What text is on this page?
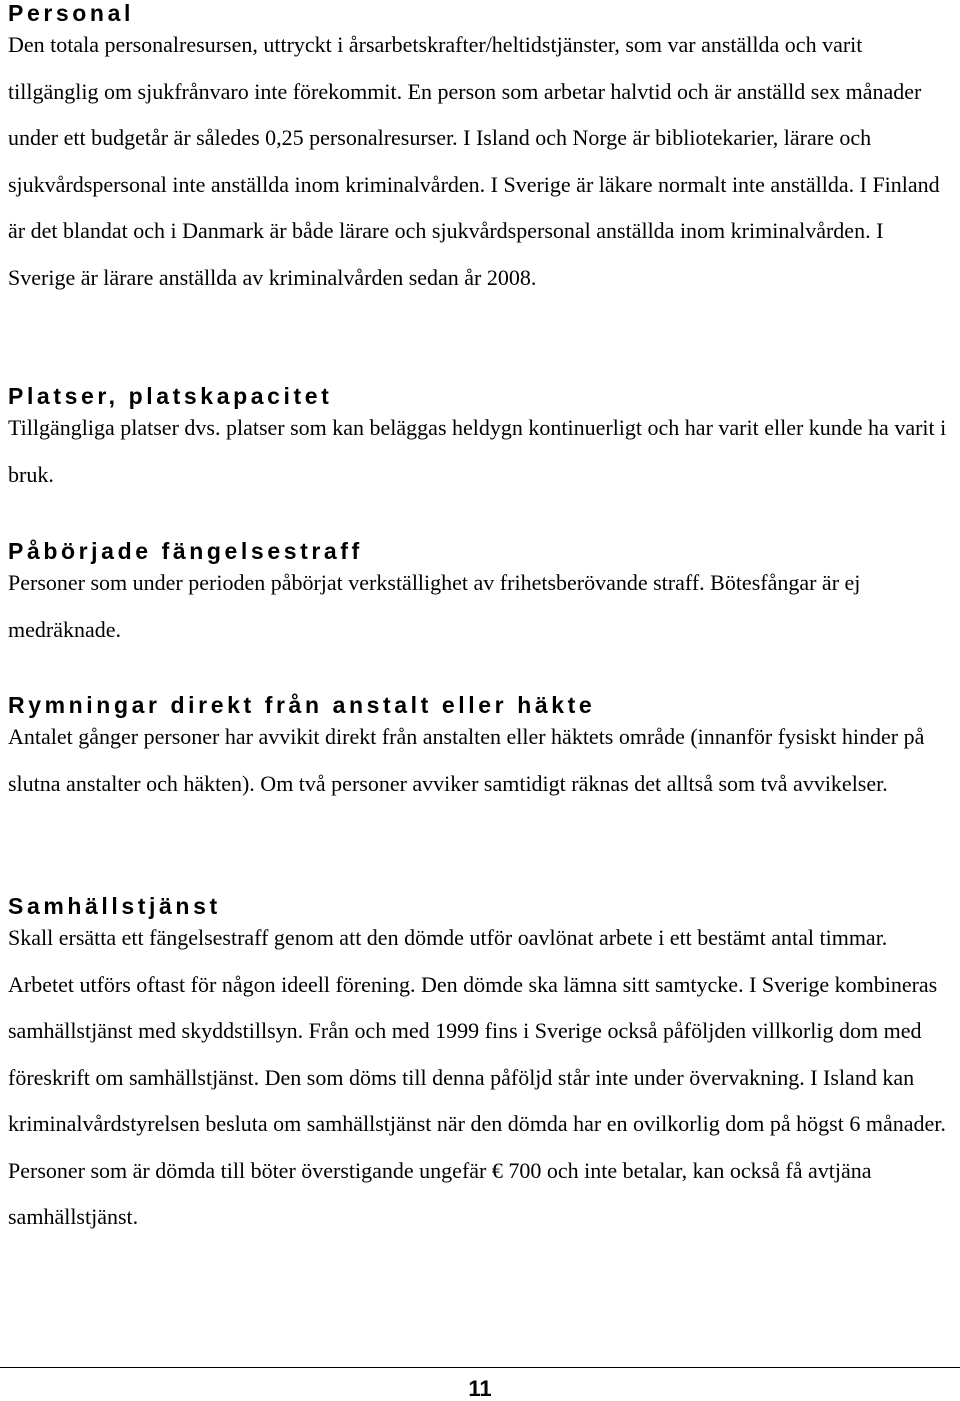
Personal

Den totala personalresursen, uttryckt i årsarbetskrafter/heltidstjänster, som var anställda och varit tillgänglig om sjukfrånvaro inte förekommit. En person som arbetar halvtid och är anställd sex månader under ett budgetår är således 0,25 personalresurser. I Island och Norge är bibliotekarier, lärare och sjukvårdspersonal inte anställda inom kriminalvården. I Sverige är läkare normalt inte anställda. I Finland är det blandat och i Danmark är både lärare och sjukvårdspersonal anställda inom kriminalvården. I Sverige är lärare anställda av kriminalvården sedan år 2008.

Platser, platskapacitet

Tillgängliga platser dvs. platser som kan beläggas heldygn kontinuerligt och har varit eller kunde ha varit i bruk.

Påbörjade fängelsestraff

Personer som under perioden påbörjat verkställighet av frihetsberövande straff. Bötesfångar är ej medräknade.

Rymningar direkt från anstalt eller häkte

Antalet gånger personer har avvikit direkt från anstalten eller häktets område (innanför fysiskt hinder på slutna anstalter och häkten). Om två personer avviker samtidigt räknas det alltså som två avvikelser.

Samhällstjänst

Skall ersätta ett fängelsestraff genom att den dömde utför oavlönat arbete i ett bestämt antal timmar. Arbetet utförs oftast för någon ideell förening. Den dömde ska lämna sitt samtycke. I Sverige kombineras samhällstjänst med skyddstillsyn. Från och med 1999 fins i Sverige också påföljden villkorlig dom med föreskrift om samhällstjänst. Den som döms till denna påföljd står inte under övervakning. I Island kan kriminalvårdstyrelsen besluta om samhällstjänst när den dömda har en ovilkorlig dom på högst 6 månader. Personer som är dömda till böter överstigande ungefär € 700 och inte betalar, kan också få avtjäna samhällstjänst.

11
